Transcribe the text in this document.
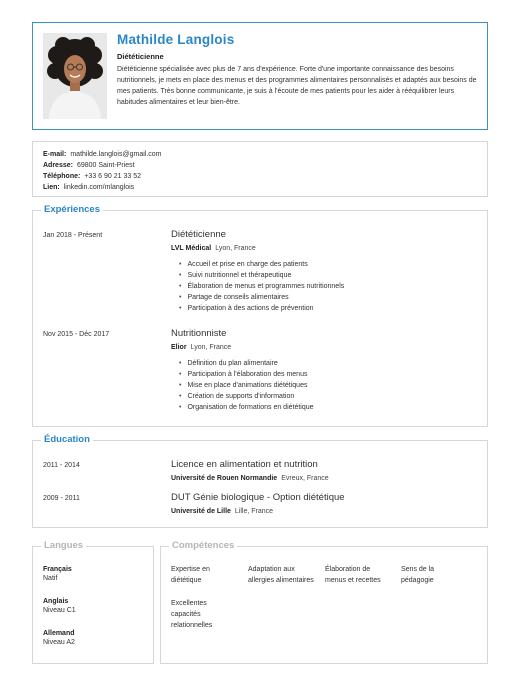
Mathilde Langlois
Diététicienne
Diététicienne spécialisée avec plus de 7 ans d'expérience. Forte d'une importante connaissance des besoins nutritionnels, je mets en place des menus et des programmes alimentaires personnalisés et adaptés aux besoins de mes patients. Très bonne communicante, je suis à l'écoute de mes patients pour les aider à rééquilibrer leurs habitudes alimentaires et leur bien-être.
E-mail: mathilde.langlois@gmail.com
Adresse: 69800 Saint-Priest
Téléphone: +33 6 90 21 33 52
Lien: linkedin.com/mlanglois
Expériences
Jan 2018 - Présent	Diététicienne
LVL Médical Lyon, France
• Accueil et prise en charge des patients
• Suivi nutritionnel et thérapeutique
• Élaboration de menus et programmes nutritionnels
• Partage de conseils alimentaires
• Participation à des actions de prévention
Nov 2015 - Déc 2017	Nutritionniste
Elior Lyon, France
• Définition du plan alimentaire
• Participation à l'élaboration des menus
• Mise en place d'animations diététiques
• Création de supports d'information
• Organisation de formations en diététique
Éducation
2011 - 2014	Licence en alimentation et nutrition
Université de Rouen Normandie Evreux, France
2009 - 2011	DUT Génie biologique - Option diététique
Université de Lille Lille, France
Langues
Français
Natif
Anglais
Niveau C1
Allemand
Niveau A2
Compétences
Expertise en diététique
Adaptation aux allergies alimentaires
Élaboration de menus et recettes
Sens de la pédagogie
Excellentes capacités relationnelles
